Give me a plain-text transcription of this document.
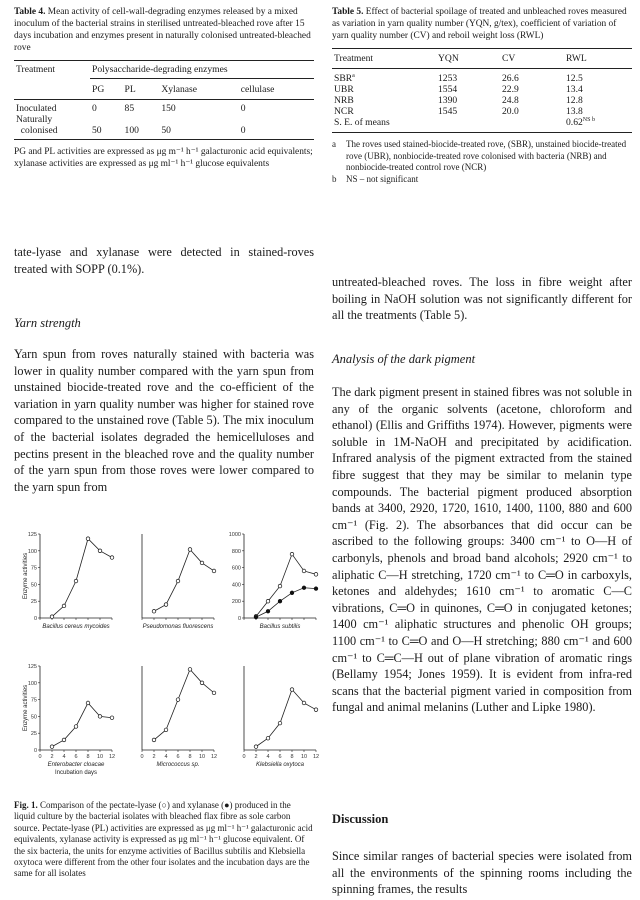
Table 4. Mean activity of cell-wall-degrading enzymes released by a mixed inoculum of the bacterial strains in sterilised untreated-bleached rove after 15 days incubation and enzymes present in naturally colonised untreated-bleached rove
Treatment	Polysaccharide-degrading enzymes			
	PG	PL	Xylanase	cellulase

Inoculated	0	85	150	0
Naturally
colonised	50	100	50	0
PG and PL activities are expressed as μg m⁻¹ h⁻¹ galacturonic acid equivalents; xylanase activities are expressed as μg ml⁻¹ h⁻¹ glucose equivalents
tate-lyase and xylanase were detected in stained-roves treated with SOPP (0.1%).
Yarn strength
Yarn spun from roves naturally stained with bacteria was lower in quality number compared with the yarn spun from unstained biocide-treated rove and the co-efficient of the variation in yarn quality number was higher for stained rove compared to the unstained rove (Table 5). The mix inoculum of the bacterial isolates degraded the hemicelluloses and pectins present in the bleached rove and the quality number of the yarn spun from those roves were lower compared to the yarn spun from
0
25
50
75
100
125
Bacillus cereus mycoides
Enzyme activities
Pseudomonas fluorescens
0
200
400
600
800
1000
Bacillus subtilis
0
25
50
75
100
125
0 2 4 6 8 10 12
Enterobacter cloacae
Enzyme activities
Incubation days
0 2 4 6 8 10 12
Micrococcus sp.
0 2 4 6 8 10 12
Klebsiella oxytoca
Fig. 1. Comparison of the pectate-lyase (○) and xylanase (●) produced in the liquid culture by the bacterial isolates with bleached flax fibre as sole carbon source. Pectate-lyase (PL) activities are expressed as μg ml⁻¹ h⁻¹ galacturonic acid equivalents, xylanase activity is expressed as μg ml⁻¹ h⁻¹ glucose equivalent. Of the six bacteria, the units for enzyme activities of Bacillus subtilis and Klebsiella oxytoca were different from the other four isolates and the incubation days are the same for all isolates
Table 5. Effect of bacterial spoilage of treated and unbleached roves measured as variation in yarn quality number (YQN, g/tex), coefficient of variation of yarn quality number (CV) and reboil weight loss (RWL)
Treatment	YQN	CV	RWL
SBR$^a$	1253	26.6	12.5
UBR	1554	22.9	13.4
NRB	1390	24.8	12.8
NCR	1545	20.0	13.8
S. E. of means			$0.62^{NS b}$
a	The roves used stained-biocide-treated rove, (SBR), unstained biocide-treated rove (UBR), nonbiocide-treated rove colonised with bacteria (NRB) and nonbiocide-treated control rove (NCR)
b	NS – not significant
untreated-bleached roves. The loss in fibre weight after boiling in NaOH solution was not significantly different for all the treatments (Table 5).
Analysis of the dark pigment
The dark pigment present in stained fibres was not soluble in any of the organic solvents (acetone, chloroform and ethanol) (Ellis and Griffiths 1974). However, pigments were soluble in 1M-NaOH and precipitated by acidification. Infrared analysis of the pigment extracted from the stained fibre suggest that they may be similar to melanin type compounds. The bacterial pigment produced absorption bands at 3400, 2920, 1720, 1610, 1400, 1100, 880 and 600 cm⁻¹ (Fig. 2). The absorbances that did occur can be ascribed to the following groups: 3400 cm⁻¹ to O—H of carbonyls, phenols and broad band alcohols; 2920 cm⁻¹ to aliphatic C—H stretching, 1720 cm⁻¹ to C═O in carboxyls, ketones and aldehydes; 1610 cm⁻¹ to aromatic C—C vibrations, C═O in quinones, C═O in conjugated ketones; 1400 cm⁻¹ aliphatic structures and phenolic OH groups; 1100 cm⁻¹ to C═O and O—H stretching; 880 cm⁻¹ and 600 cm⁻¹ to C═C—H out of plane vibration of aromatic rings (Bellamy 1954; Jones 1959). It is evident from infra-red scans that the bacterial pigment varied in composition from fungal and animal melanins (Luther and Lipke 1980).
Discussion
Since similar ranges of bacterial species were isolated from all the environments of the spinning rooms including the spinning frames, the results
